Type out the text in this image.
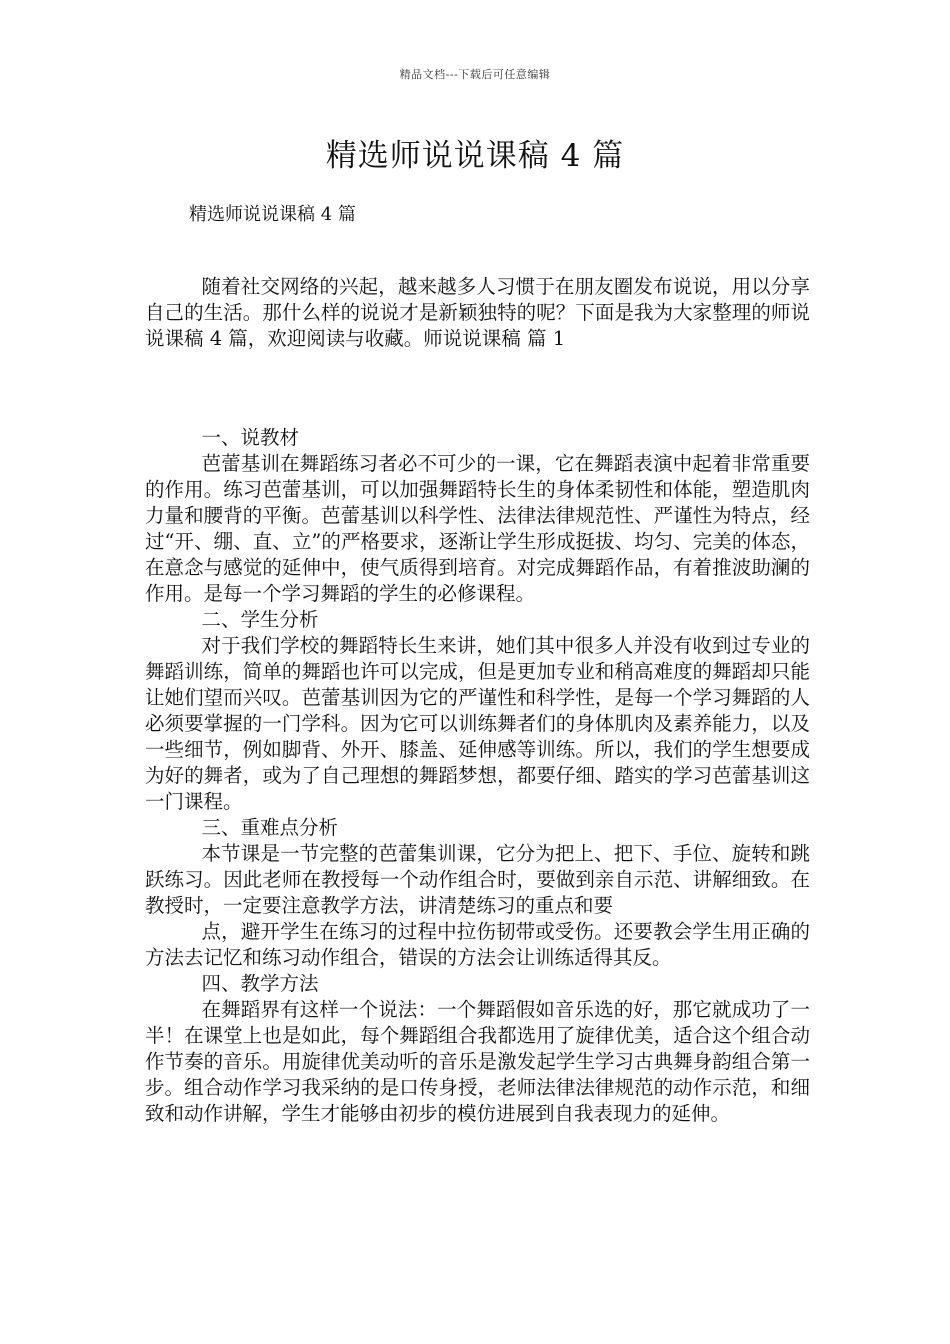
精品文档---下载后可任意编辑
精选师说说课稿 4 篇

精选师说说课稿 4 篇

随着社交网络的兴起，越来越多人习惯于在朋友圈发布说说，用以分享自己的生活。那什么样的说说才是新颖独特的呢？下面是我为大家整理的师说说课稿 4 篇，欢迎阅读与收藏。师说说课稿 篇 1

一、说教材

芭蕾基训在舞蹈练习者必不可少的一课，它在舞蹈表演中起着非常重要的作用。练习芭蕾基训，可以加强舞蹈特长生的身体柔韧性和体能，塑造肌肉力量和腰背的平衡。芭蕾基训以科学性、法律法律规范性、严谨性为特点，经过“开、绷、直、立”的严格要求，逐渐让学生形成挺拔、均匀、完美的体态，在意念与感觉的延伸中，使气质得到培育。对完成舞蹈作品，有着推波助澜的作用。是每一个学习舞蹈的学生的必修课程。

二、学生分析

对于我们学校的舞蹈特长生来讲，她们其中很多人并没有收到过专业的舞蹈训练，简单的舞蹈也许可以完成，但是更加专业和稍高难度的舞蹈却只能让她们望而兴叹。芭蕾基训因为它的严谨性和科学性，是每一个学习舞蹈的人必须要掌握的一门学科。因为它可以训练舞者们的身体肌肉及素养能力，以及一些细节，例如脚背、外开、膝盖、延伸感等训练。所以，我们的学生想要成为好的舞者，或为了自己理想的舞蹈梦想，都要仔细、踏实的学习芭蕾基训这一门课程。

三、重难点分析

本节课是一节完整的芭蕾集训课，它分为把上、把下、手位、旋转和跳跃练习。因此老师在教授每一个动作组合时，要做到亲自示范、讲解细致。在教授时，一定要注意教学方法，讲清楚练习的重点和要

点，避开学生在练习的过程中拉伤韧带或受伤。还要教会学生用正确的方法去记忆和练习动作组合，错误的方法会让训练适得其反。

四、教学方法

在舞蹈界有这样一个说法：一个舞蹈假如音乐选的好，那它就成功了一半！在课堂上也是如此，每个舞蹈组合我都选用了旋律优美，适合这个组合动作节奏的音乐。用旋律优美动听的音乐是激发起学生学习古典舞身韵组合第一步。组合动作学习我采纳的是口传身授，老师法律法律规范的动作示范，和细致和动作讲解，学生才能够由初步的模仿进展到自我表现力的延伸。
